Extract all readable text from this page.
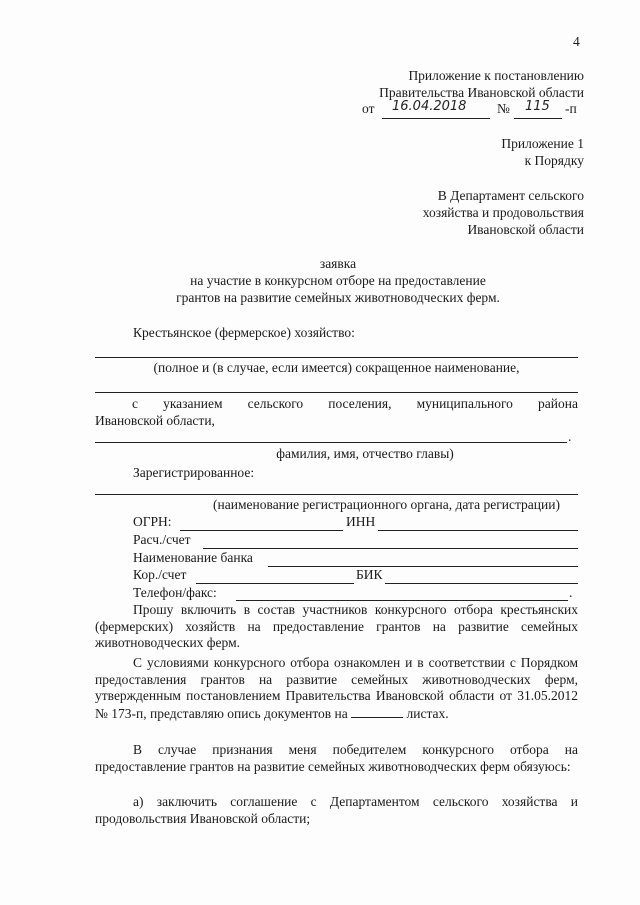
4
Приложение к постановлению
Правительства Ивановской области
от 16.04.2018 № 115 -п
Приложение 1
к Порядку
В Департамент сельского
хозяйства и продовольствия
Ивановской области
заявка
на участие в конкурсном отборе на предоставление
грантов на развитие семейных животноводческих ферм.
Крестьянское (фермерское) хозяйство:
(полное и (в случае, если имеется) сокращенное наименование,
с указанием сельского поселения, муниципального района
Ивановской области,
.
фамилия, имя, отчество главы)
Зарегистрированное:
(наименование регистрационного органа, дата регистрации)
ОГРН:	ИНН
Расч./счет
Наименование банка
Кор./счет	БИК
Телефон/факс:	.
Прошу включить в состав участников конкурсного отбора крестьянских (фермерских) хозяйств на предоставление грантов на развитие семейных животноводческих ферм.
С условиями конкурсного отбора ознакомлен и в соответствии с Порядком предоставления грантов на развитие семейных животноводческих ферм, утвержденным постановлением Правительства Ивановской области от 31.05.2012 № 173-п, представляю опись документов на	листах.
В случае признания меня победителем конкурсного отбора на предоставление грантов на развитие семейных животноводческих ферм обязуюсь:
а) заключить соглашение с Департаментом сельского хозяйства и продовольствия Ивановской области;
